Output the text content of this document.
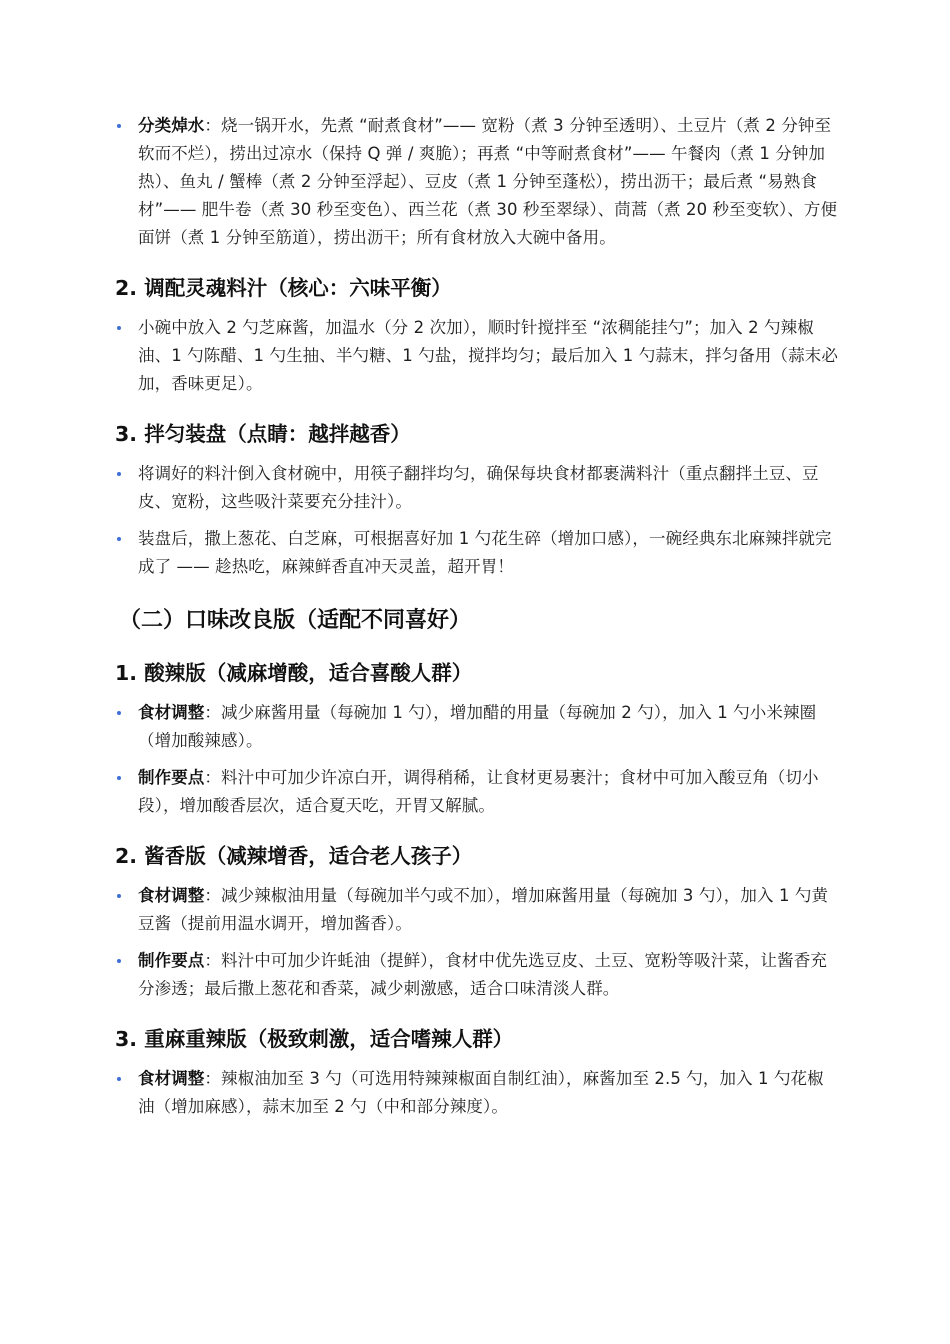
分类焯水：烧一锅开水，先煮 “耐煮食材”—— 宽粉（煮 3 分钟至透明）、土豆片（煮 2 分钟至软而不烂），捞出过凉水（保持 Q 弹 / 爽脆）；再煮 “中等耐煮食材”—— 午餐肉（煮 1 分钟加热）、鱼丸 / 蟹棒（煮 2 分钟至浮起）、豆皮（煮 1 分钟至蓬松），捞出沥干；最后煮 “易熟食材”—— 肥牛卷（煮 30 秒至变色）、西兰花（煮 30 秒至翠绿）、茼蒿（煮 20 秒至变软）、方便面饼（煮 1 分钟至筋道），捞出沥干；所有食材放入大碗中备用。
2. 调配灵魂料汁（核心：六味平衡）
小碗中放入 2 勺芝麻酱，加温水（分 2 次加），顺时针搅拌至 “浓稠能挂勺”；加入 2 勺辣椒油、1 勺陈醋、1 勺生抽、半勺糖、1 勺盐，搅拌均匀；最后加入 1 勺蒜末，拌匀备用（蒜末必加，香味更足）。
3. 拌匀装盘（点睛：越拌越香）
将调好的料汁倒入食材碗中，用筷子翻拌均匀，确保每块食材都裹满料汁（重点翻拌土豆、豆皮、宽粉，这些吸汁菜要充分挂汁）。
装盘后，撒上葱花、白芝麻，可根据喜好加 1 勺花生碎（增加口感），一碗经典东北麻辣拌就完成了 —— 趁热吃，麻辣鲜香直冲天灵盖，超开胃！
（二）口味改良版（适配不同喜好）
1. 酸辣版（减麻增酸，适合喜酸人群）
食材调整：减少麻酱用量（每碗加 1 勺），增加醋的用量（每碗加 2 勺），加入 1 勺小米辣圈（增加酸辣感）。
制作要点：料汁中可加少许凉白开，调得稍稀，让食材更易裹汁；食材中可加入酸豆角（切小段），增加酸香层次，适合夏天吃，开胃又解腻。
2. 酱香版（减辣增香，适合老人孩子）
食材调整：减少辣椒油用量（每碗加半勺或不加），增加麻酱用量（每碗加 3 勺），加入 1 勺黄豆酱（提前用温水调开，增加酱香）。
制作要点：料汁中可加少许蚝油（提鲜），食材中优先选豆皮、土豆、宽粉等吸汁菜，让酱香充分渗透；最后撒上葱花和香菜，减少刺激感，适合口味清淡人群。
3. 重麻重辣版（极致刺激，适合嗜辣人群）
食材调整：辣椒油加至 3 勺（可选用特辣辣椒面自制红油），麻酱加至 2.5 勺，加入 1 勺花椒油（增加麻感），蒜末加至 2 勺（中和部分辣度）。
